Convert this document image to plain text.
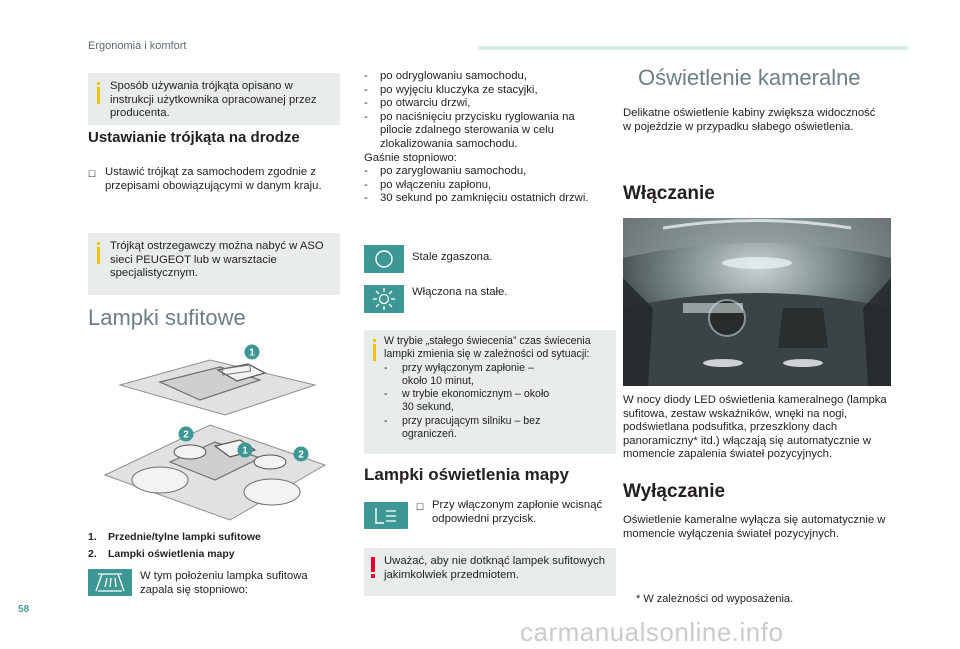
Ergonomia i komfort
Sposób używania trójkąta opisano w instrukcji użytkownika opracowanej przez producenta.
Ustawianie trójkąta na drodze
☐ Ustawić trójkąt za samochodem zgodnie z przepisami obowiązującymi w danym kraju.
Trójkąt ostrzegawczy można nabyć w ASO sieci PEUGEOT lub w warsztacie specjalistycznym.
Lampki sufitowe
1
2
1	2
1. Przednie/tylne lampki sufitowe
2. Lampki oświetlenia mapy
W tym położeniu lampka sufitowa zapala się stopniowo:
-	po odryglowaniu samochodu,
-	po wyjęciu kluczyka ze stacyjki,
-	po otwarciu drzwi,
-	po naciśnięciu przycisku ryglowania na pilocie zdalnego sterowania w celu zlokalizowania samochodu.
Gaśnie stopniowo:
-	po zaryglowaniu samochodu,
-	po włączeniu zapłonu,
-	30 sekund po zamknięciu ostatnich drzwi.
Stale zgaszona.
Włączona na stałe.
W trybie „stałego świecenia” czas świecenia lampki zmienia się w zależności od sytuacji:
-	przy wyłączonym zapłonie – około 10 minut,
-	w trybie ekonomicznym – około 30 sekund,
-	przy pracującym silniku – bez ograniczeń.
Lampki oświetlenia mapy
☐ Przy włączonym zapłonie wcisnąć odpowiedni przycisk.
Uważać, aby nie dotknąć lampek sufitowych jakimkolwiek przedmiotem.
Oświetlenie kameralne
Delikatne oświetlenie kabiny zwiększa widoczność w pojeździe w przypadku słabego oświetlenia.
Włączanie
W nocy diody LED oświetlenia kameralnego (lampka sufitowa, zestaw wskaźników, wnęki na nogi, podświetlana podsufitka, przeszklony dach panoramiczny* itd.) włączają się automatycznie w momencie zapalenia świateł pozycyjnych.
Wyłączanie
Oświetlenie kameralne wyłącza się automatycznie w momencie wyłączenia świateł pozycyjnych.
* W zależności od wyposażenia.
58
carmanualsonline.info
